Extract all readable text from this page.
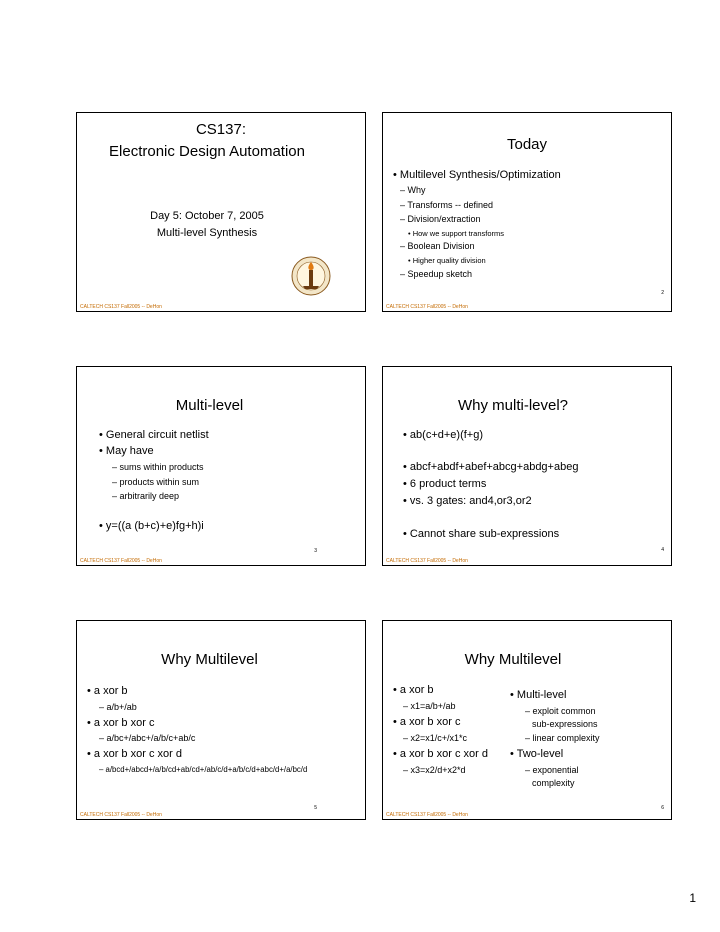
CS137:
Electronic Design Automation
Day 5: October 7, 2005
Multi-level Synthesis
CALTECH CS137 Fall2005 -- DeHon
Today
• Multilevel Synthesis/Optimization
– Why
– Transforms -- defined
– Division/extraction
• How we support transforms
– Boolean Division
• Higher quality division
– Speedup sketch
2
CALTECH CS137 Fall2005 -- DeHon
Multi-level
• General circuit netlist
• May have
– sums within products
– products within sum
– arbitrarily deep
• y=((a (b+c)+e)fg+h)i
3
CALTECH CS137 Fall2005 -- DeHon
Why multi-level?
• ab(c+d+e)(f+g)
• abcf+abdf+abef+abcg+abdg+abeg
• 6 product terms
• vs. 3 gates: and4,or3,or2
• Cannot share sub-expressions
4
CALTECH CS137 Fall2005 -- DeHon
Why Multilevel
• a xor b
– a/b+/ab
• a xor b xor c
– a/bc+/abc+/a/b/c+ab/c
• a xor b xor c xor d
– a/bcd+/abcd+/a/b/cd+ab/cd+/ab/c/d+a/b/c/d+abc/d+/a/bc/d
5
CALTECH CS137 Fall2005 -- DeHon
Why Multilevel
• a xor b
– x1=a/b+/ab
• a xor b xor c
– x2=x1/c+/x1*c
• a xor b xor c xor d
– x3=x2/d+x2*d
• Multi-level
– exploit common
sub-expressions
– linear complexity
• Two-level
– exponential
complexity
6
CALTECH CS137 Fall2005 -- DeHon
1
